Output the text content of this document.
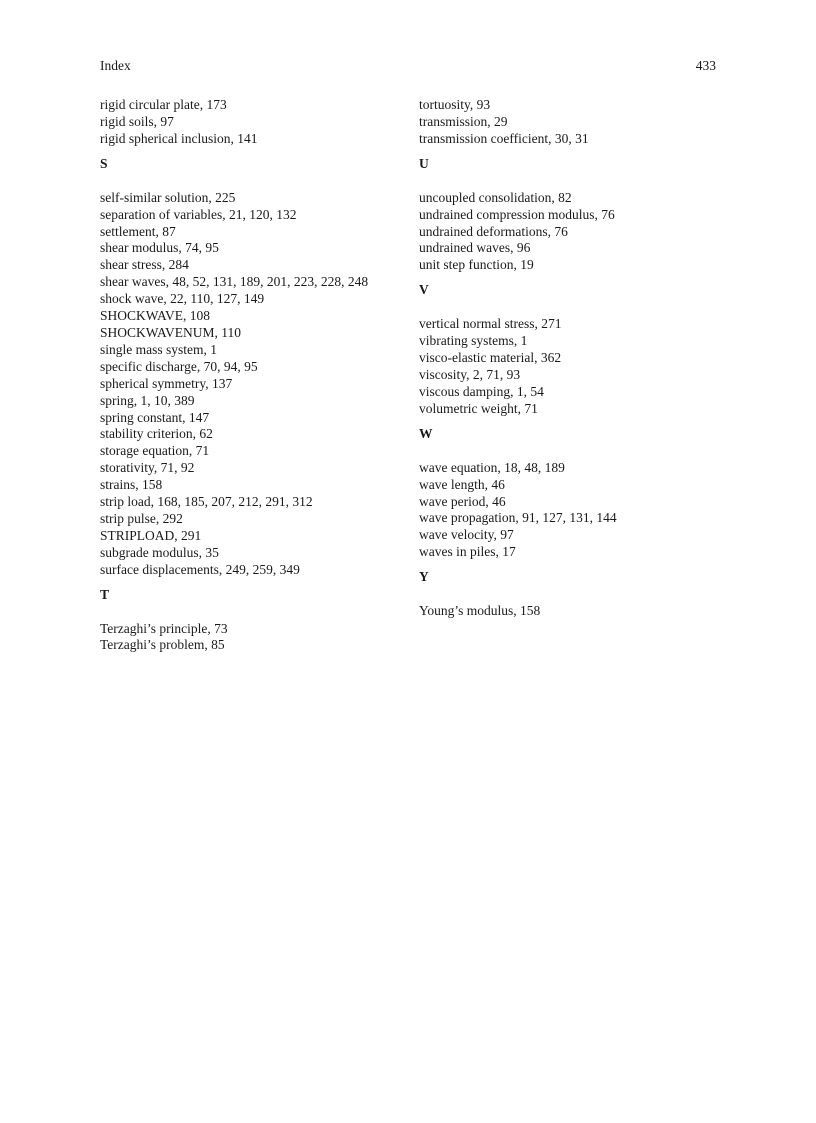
Index	433
rigid circular plate, 173
rigid soils, 97
rigid spherical inclusion, 141
S
self-similar solution, 225
separation of variables, 21, 120, 132
settlement, 87
shear modulus, 74, 95
shear stress, 284
shear waves, 48, 52, 131, 189, 201, 223, 228, 248
shock wave, 22, 110, 127, 149
SHOCKWAVE, 108
SHOCKWAVENUM, 110
single mass system, 1
specific discharge, 70, 94, 95
spherical symmetry, 137
spring, 1, 10, 389
spring constant, 147
stability criterion, 62
storage equation, 71
storativity, 71, 92
strains, 158
strip load, 168, 185, 207, 212, 291, 312
strip pulse, 292
STRIPLOAD, 291
subgrade modulus, 35
surface displacements, 249, 259, 349
T
Terzaghi’s principle, 73
Terzaghi’s problem, 85
tortuosity, 93
transmission, 29
transmission coefficient, 30, 31
U
uncoupled consolidation, 82
undrained compression modulus, 76
undrained deformations, 76
undrained waves, 96
unit step function, 19
V
vertical normal stress, 271
vibrating systems, 1
visco-elastic material, 362
viscosity, 2, 71, 93
viscous damping, 1, 54
volumetric weight, 71
W
wave equation, 18, 48, 189
wave length, 46
wave period, 46
wave propagation, 91, 127, 131, 144
wave velocity, 97
waves in piles, 17
Y
Young’s modulus, 158
